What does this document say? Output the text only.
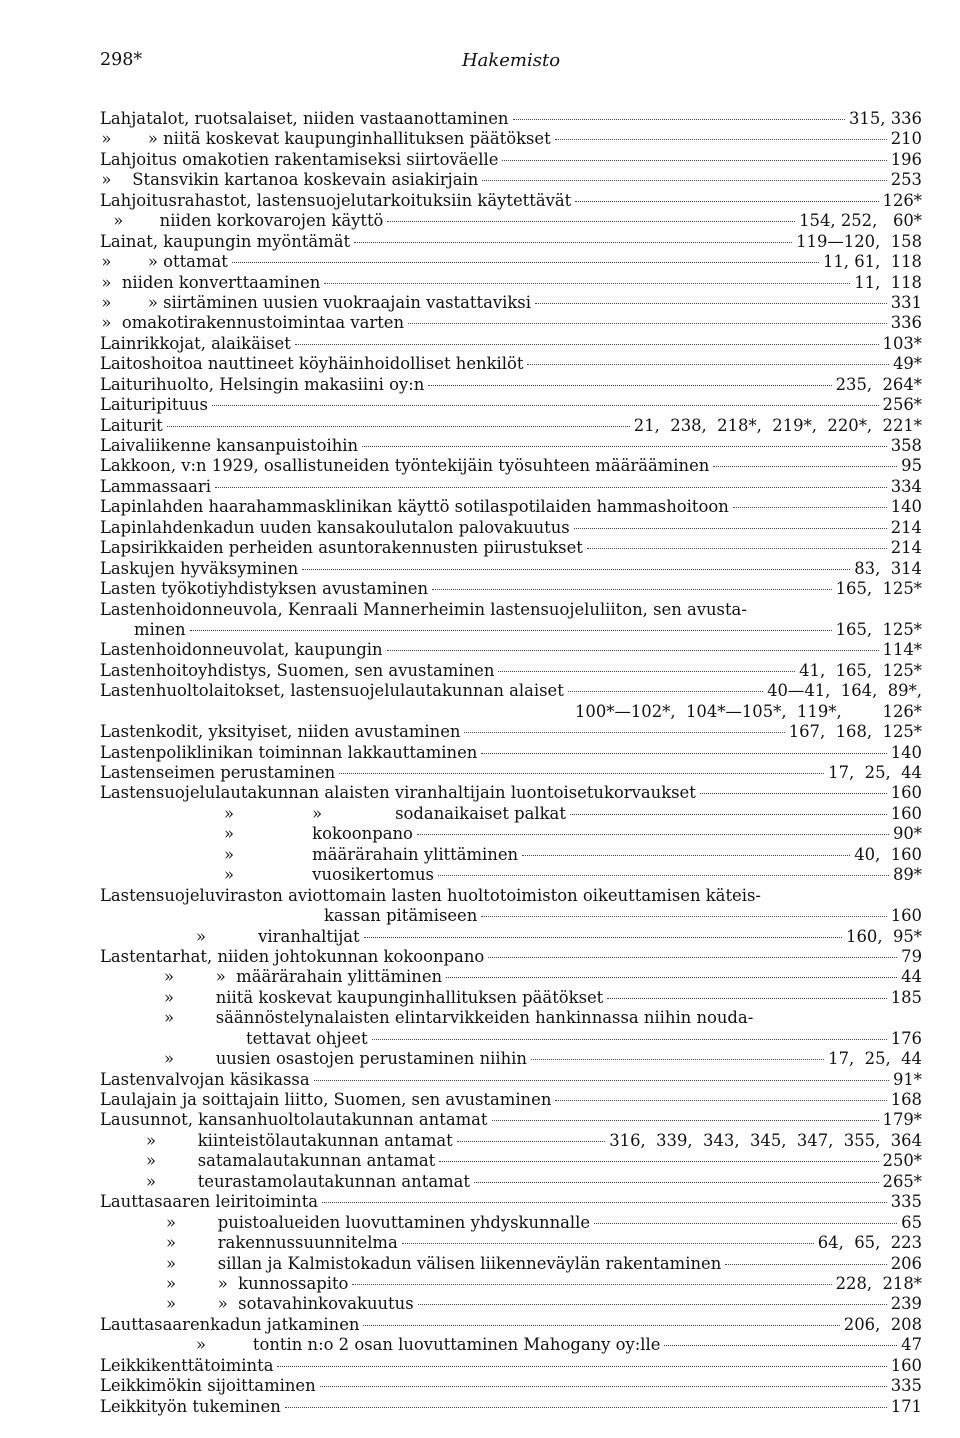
298*	Hakemisto
Lahjatalot, ruotsalaiset, niiden vastaanottaminen	315, 336
»       » niitä koskevat kaupunginhallituksen päätökset	210
Lahjoitus omakotien rakentamiseksi siirtoväelle	196
»    Stansvikin kartanoa koskevain asiakirjain	253
Lahjoitusrahastot, lastensuojelutarkoituksiin käytettävät	126*
»       niiden korkovarojen käyttö	154, 252,   60*
Lainat, kaupungin myöntämät	119—120,  158
»       » ottamat	11, 61,  118
»  niiden konverttaaminen	11,  118
»       » siirtäminen uusien vuokraajain vastattaviksi	331
»  omakotirakennustoimintaa varten	336
Lainrikkojat, alaikäiset	103*
Laitoshoitoa nauttineet köyhäinhoidolliset henkilöt	49*
Laiturihuolto, Helsingin makasiini oy:n	235,  264*
Laituripituus	256*
Laiturit	21,  238,  218*,  219*,  220*,  221*
Laivaliikenne kansanpuistoihin	358
Lakkoon, v:n 1929, osallistuneiden työntekijäin työsuhteen määrääminen	95
Lammassaari	334
Lapinlahden haarahammasklinikan käyttö sotilaspotilaiden hammashoitoon	140
Lapinlahdenkadun uuden kansakoulutalon palovakuutus	214
Lapsirikkaiden perheiden asuntorakennusten piirustukset	214
Laskujen hyväksyminen	83,  314
Lasten työkotiyhdistyksen avustaminen	165,  125*
Lastenhoidonneuvola, Kenraali Mannerheimin lastensuojeluliiton, sen avusta-
minen	165,  125*
Lastenhoidonneuvolat, kaupungin	114*
Lastenhoitoyhdistys, Suomen, sen avustaminen	41,  165,  125*
Lastenhuoltolaitokset, lastensuojelulautakunnan alaiset	40—41,  164,  89*,
100*—102*,  104*—105*,  119*, 126*
Lastenkodit, yksityiset, niiden avustaminen	167,  168,  125*
Lastenpoliklinikan toiminnan lakkauttaminen	140
Lastenseimen perustaminen	17,  25,  44
Lastensuojelulautakunnan alaisten viranhaltijain luontoisetukorvaukset	160
»               »              sodanaikaiset palkat	160
»               kokoonpano	90*
»               määrärahain ylittäminen	40,  160
»               vuosikertomus	89*
Lastensuojeluviraston aviottomain lasten huoltotoimiston oikeuttamisen käteis-
kassan pitämiseen	160
»          viranhaltijat	160,  95*
Lastentarhat, niiden johtokunnan kokoonpano	79
»        »  määrärahain ylittäminen	44
»        niitä koskevat kaupunginhallituksen päätökset	185
»        säännöstelynalaisten elintarvikkeiden hankinnassa niihin nouda-
tettavat ohjeet	176
»        uusien osastojen perustaminen niihin	17,  25,  44
Lastenvalvojan käsikassa	91*
Laulajain ja soittajain liitto, Suomen, sen avustaminen	168
Lausunnot, kansanhuoltolautakunnan antamat	179*
»        kiinteistölautakunnan antamat	316,  339,  343,  345,  347,  355,  364
»        satamalautakunnan antamat	250*
»        teurastamolautakunnan antamat	265*
Lauttasaaren leiritoiminta	335
»        puistoalueiden luovuttaminen yhdyskunnalle	65
»        rakennussuunnitelma	64,  65,  223
»        sillan ja Kalmistokadun välisen liikenneväylän rakentaminen	206
»        »  kunnossapito	228,  218*
»        »  sotavahinkovakuutus	239
Lauttasaarenkadun jatkaminen	206,  208
»         tontin n:o 2 osan luovuttaminen Mahogany oy:lle	47
Leikkikenttätoiminta	160
Leikkimökin sijoittaminen	335
Leikkityön tukeminen	171
